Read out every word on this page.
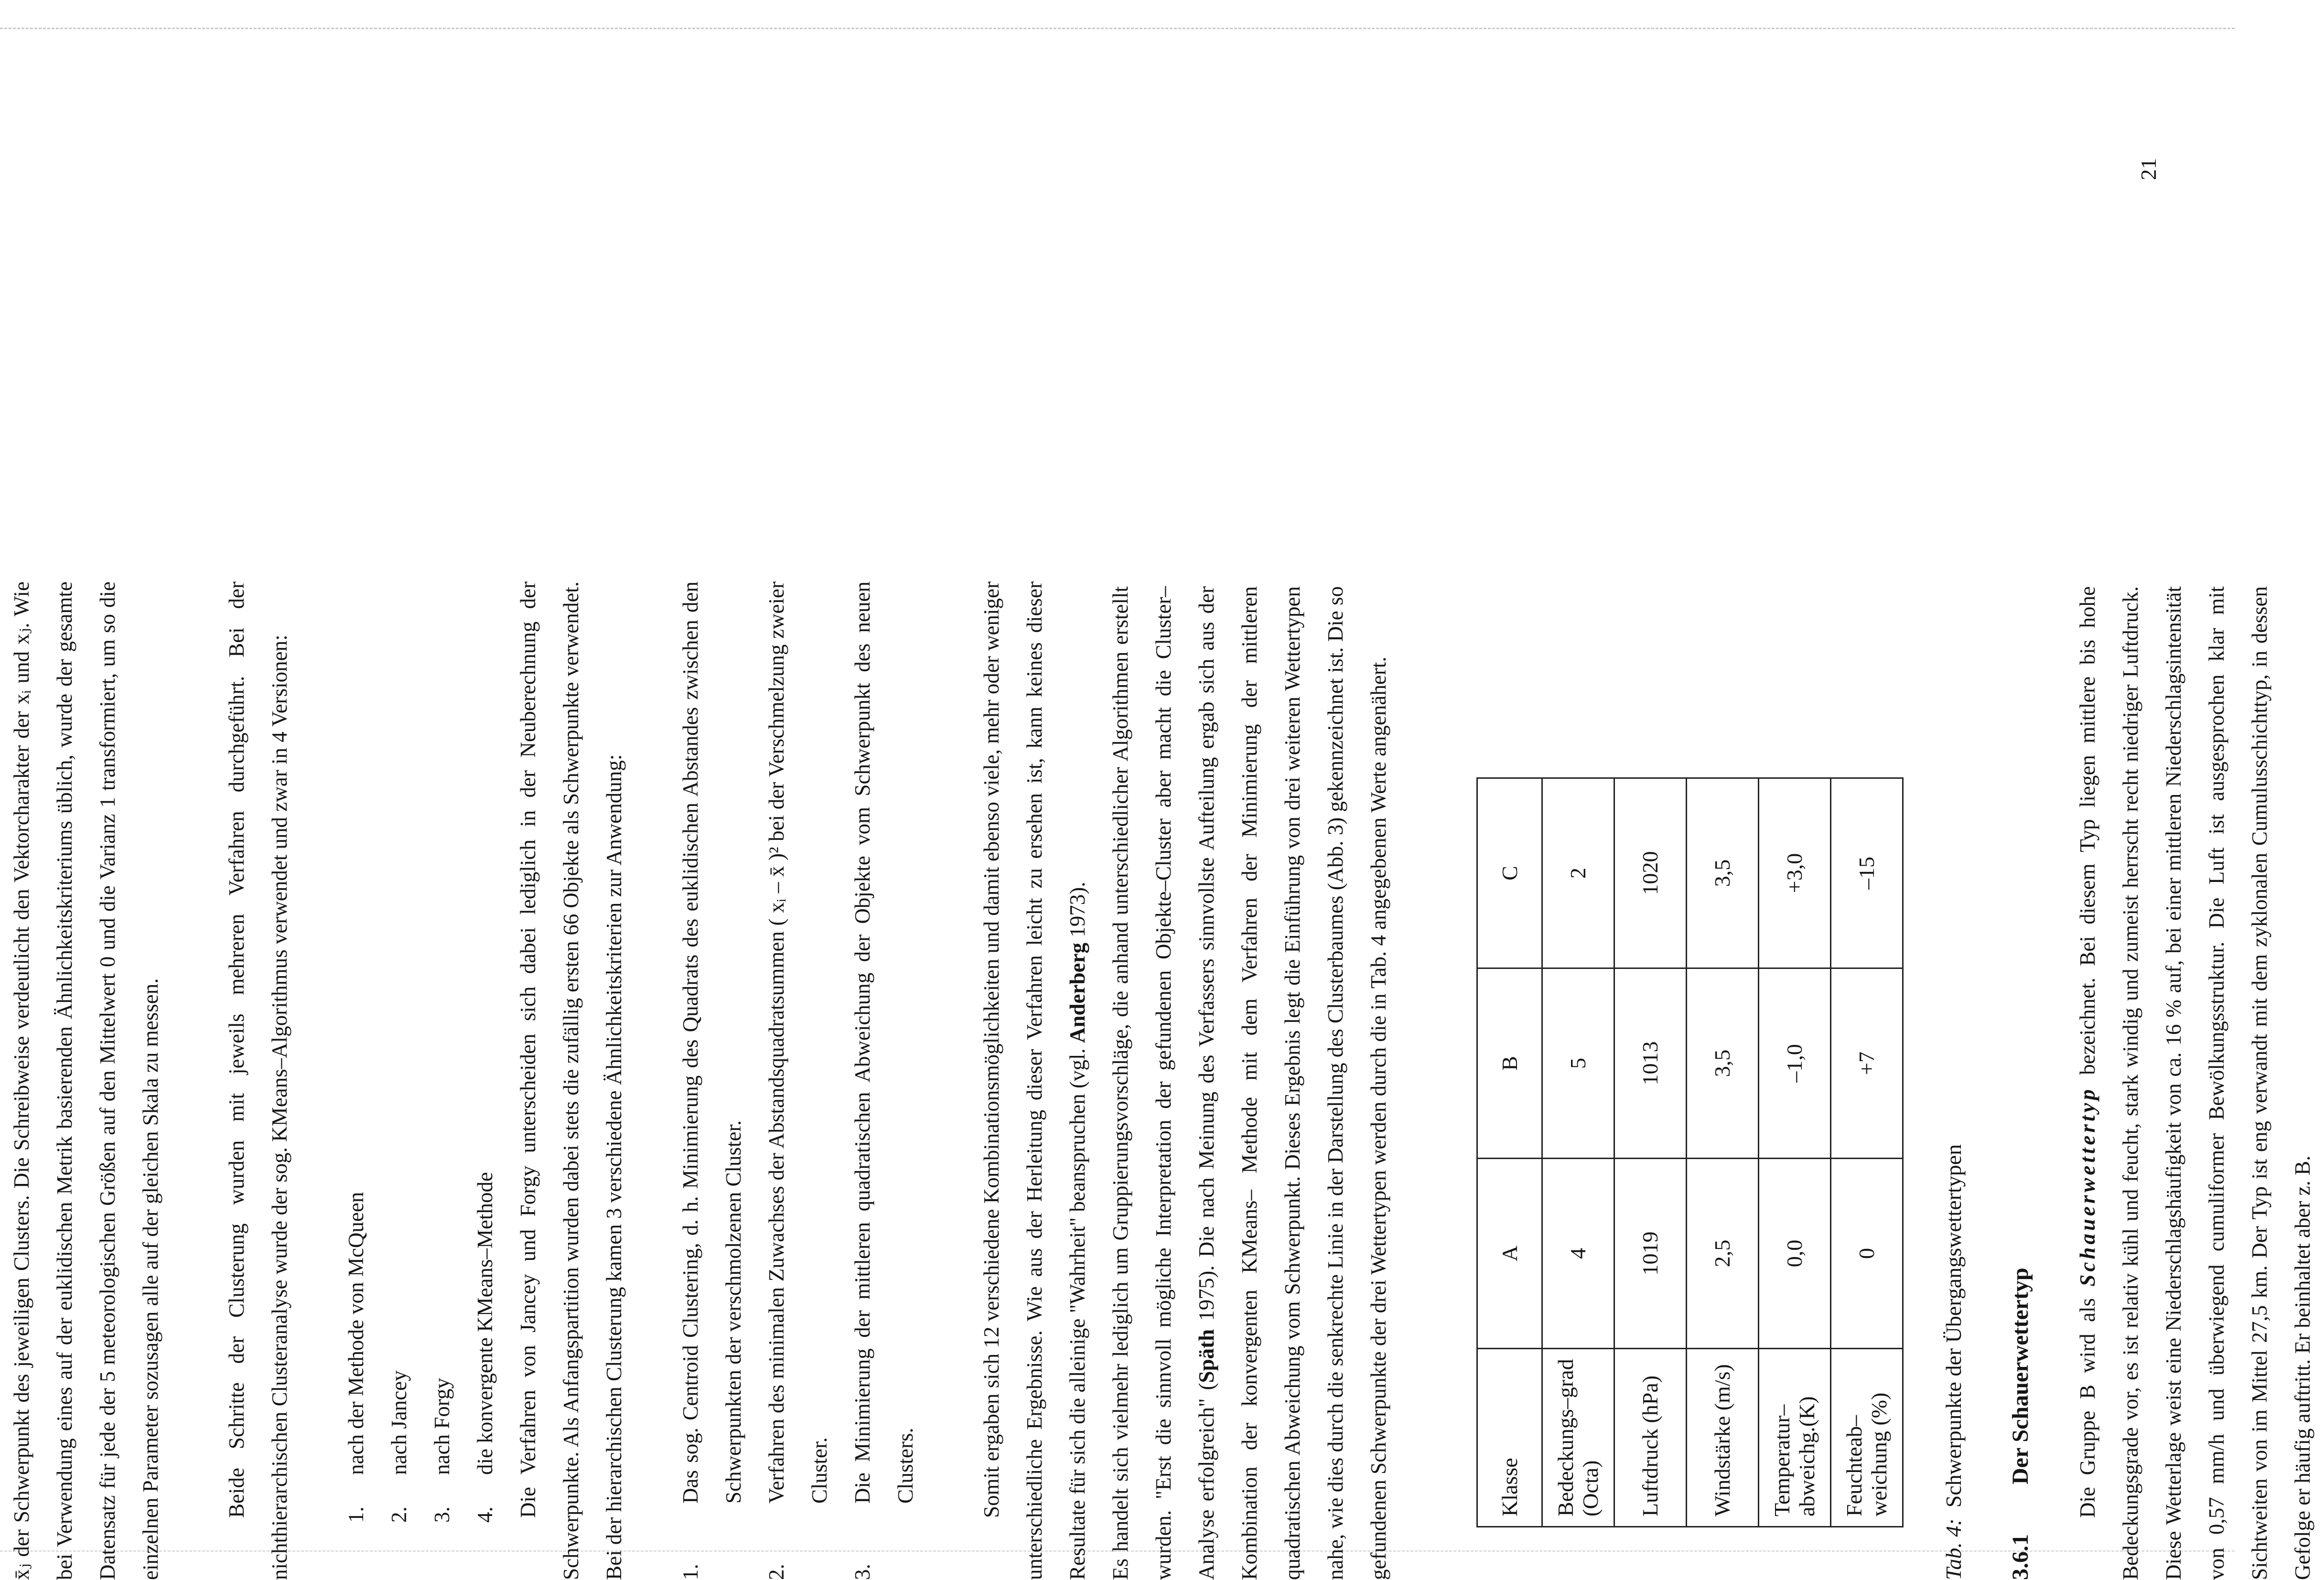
x̄ⱼ der Schwerpunkt des jeweiligen Clusters. Die Schreibweise verdeutlicht den Vektorcharakter der xᵢ und xⱼ. Wie bei Verwendung eines auf der euklidischen Metrik basierenden Ähnlichkeitskriteriums üblich, wurde der gesamte Datensatz für jede der 5 meteorologischen Größen auf den Mittelwert 0 und die Varianz 1 transformiert, um so die einzelnen Parameter sozusagen alle auf der gleichen Skala zu messen.	Beide Schritte der Clusterung wurden mit jeweils mehreren Verfahren durchgeführt. Bei der nichthierarchischen Clusteranalyse wurde der sog. KMeans–Algorithmus verwendet und zwar in 4 Versionen:	1.
nach der Methode von McQueen
2.
nach Jancey
3.
nach Forgy
4.
die konvergente KMeans–Methode Die Verfahren von Jancey und Forgy unterscheiden sich dabei lediglich in der Neuberechnung der Schwerpunkte. Als Anfangspartition wurden dabei stets die zufällig ersten 66 Objekte als Schwerpunkte verwendet. Bei der hierarchischen Clusterung kamen 3 verschiedene Ähnlichkeitskriterien zur Anwendung:	1.
Das sog. Centroid Clustering, d. h. Minimierung des Quadrats des euklidischen Abstandes zwischen den Schwerpunkten der verschmolzenen Cluster.
2.
Verfahren des minimalen Zuwachses der Abstandsquadratsummen ( xᵢ – x̄ )² bei der Verschmelzung zweier Cluster.
3.
Die Minimierung der mittleren quadratischen Abweichung der Objekte vom Schwerpunkt des neuen Clusters.	Somit ergaben sich 12 verschiedene Kombinationsmöglichkeiten und damit ebenso viele, mehr oder weniger unterschiedliche Ergebnisse. Wie aus der Herleitung dieser Verfahren leicht zu ersehen ist, kann keines dieser Resultate für sich die alleinige "Wahrheit" beanspruchen (vgl. Anderberg 1973). Es handelt sich vielmehr lediglich um Gruppierungsvorschläge, die anhand unterschiedlicher Algorithmen erstellt wurden. "Erst die sinnvoll mögliche Interpretation der gefundenen Objekte–Cluster aber macht die Cluster– Analyse erfolgreich" (Späth 1975). Die nach Meinung des Verfassers sinnvollste Aufteilung ergab sich aus der Kombination der konvergenten KMeans– Methode mit dem Verfahren der Minimierung der mittleren quadratischen Abweichung vom Schwerpunkt. Dieses Ergebnis legt die Einführung von drei weiteren Wettertypen nahe, wie dies durch die senkrechte Linie in der Darstellung des Clusterbaumes (Abb. 3) gekennzeichnet ist. Die so gefundenen Schwerpunkte der drei Wettertypen werden durch die in Tab. 4 angegebenen Werte angenähert.	Klasse	A	B	C
Bedeckungs–grad (Octa)	4	5	2
Luftdruck (hPa)	1019	1013	1020
Windstärke (m/s)	2,5	3,5	3,5
Temperatur–abweichg.(K)	0,0	–1,0	+3,0
Feuchteab–weichung (%)	0	+7	–15

Tab. 4:  Schwerpunkte der Übergangswettertypen

3.6.1
Der Schauerwettertyp	Die Gruppe B wird als Schauerwettertyp bezeichnet. Bei diesem Typ liegen mittlere bis hohe Bedeckungsgrade vor, es ist relativ kühl und feucht, stark windig und zumeist herrscht recht niedriger Luftdruck. Diese Wetterlage weist eine Niederschlagshäufigkeit von ca. 16 % auf, bei einer mittleren Niederschlagsintensität von 0,57 mm/h und überwiegend cumuliformer Bewölkungsstruktur. Die Luft ist ausgesprochen klar mit Sichtweiten von im Mittel 27,5 km. Der Typ ist eng verwandt mit dem zyklonalen Cumulusschichttyp, in dessen Gefolge er häufig auftritt. Er beinhaltet aber z. B.

21
